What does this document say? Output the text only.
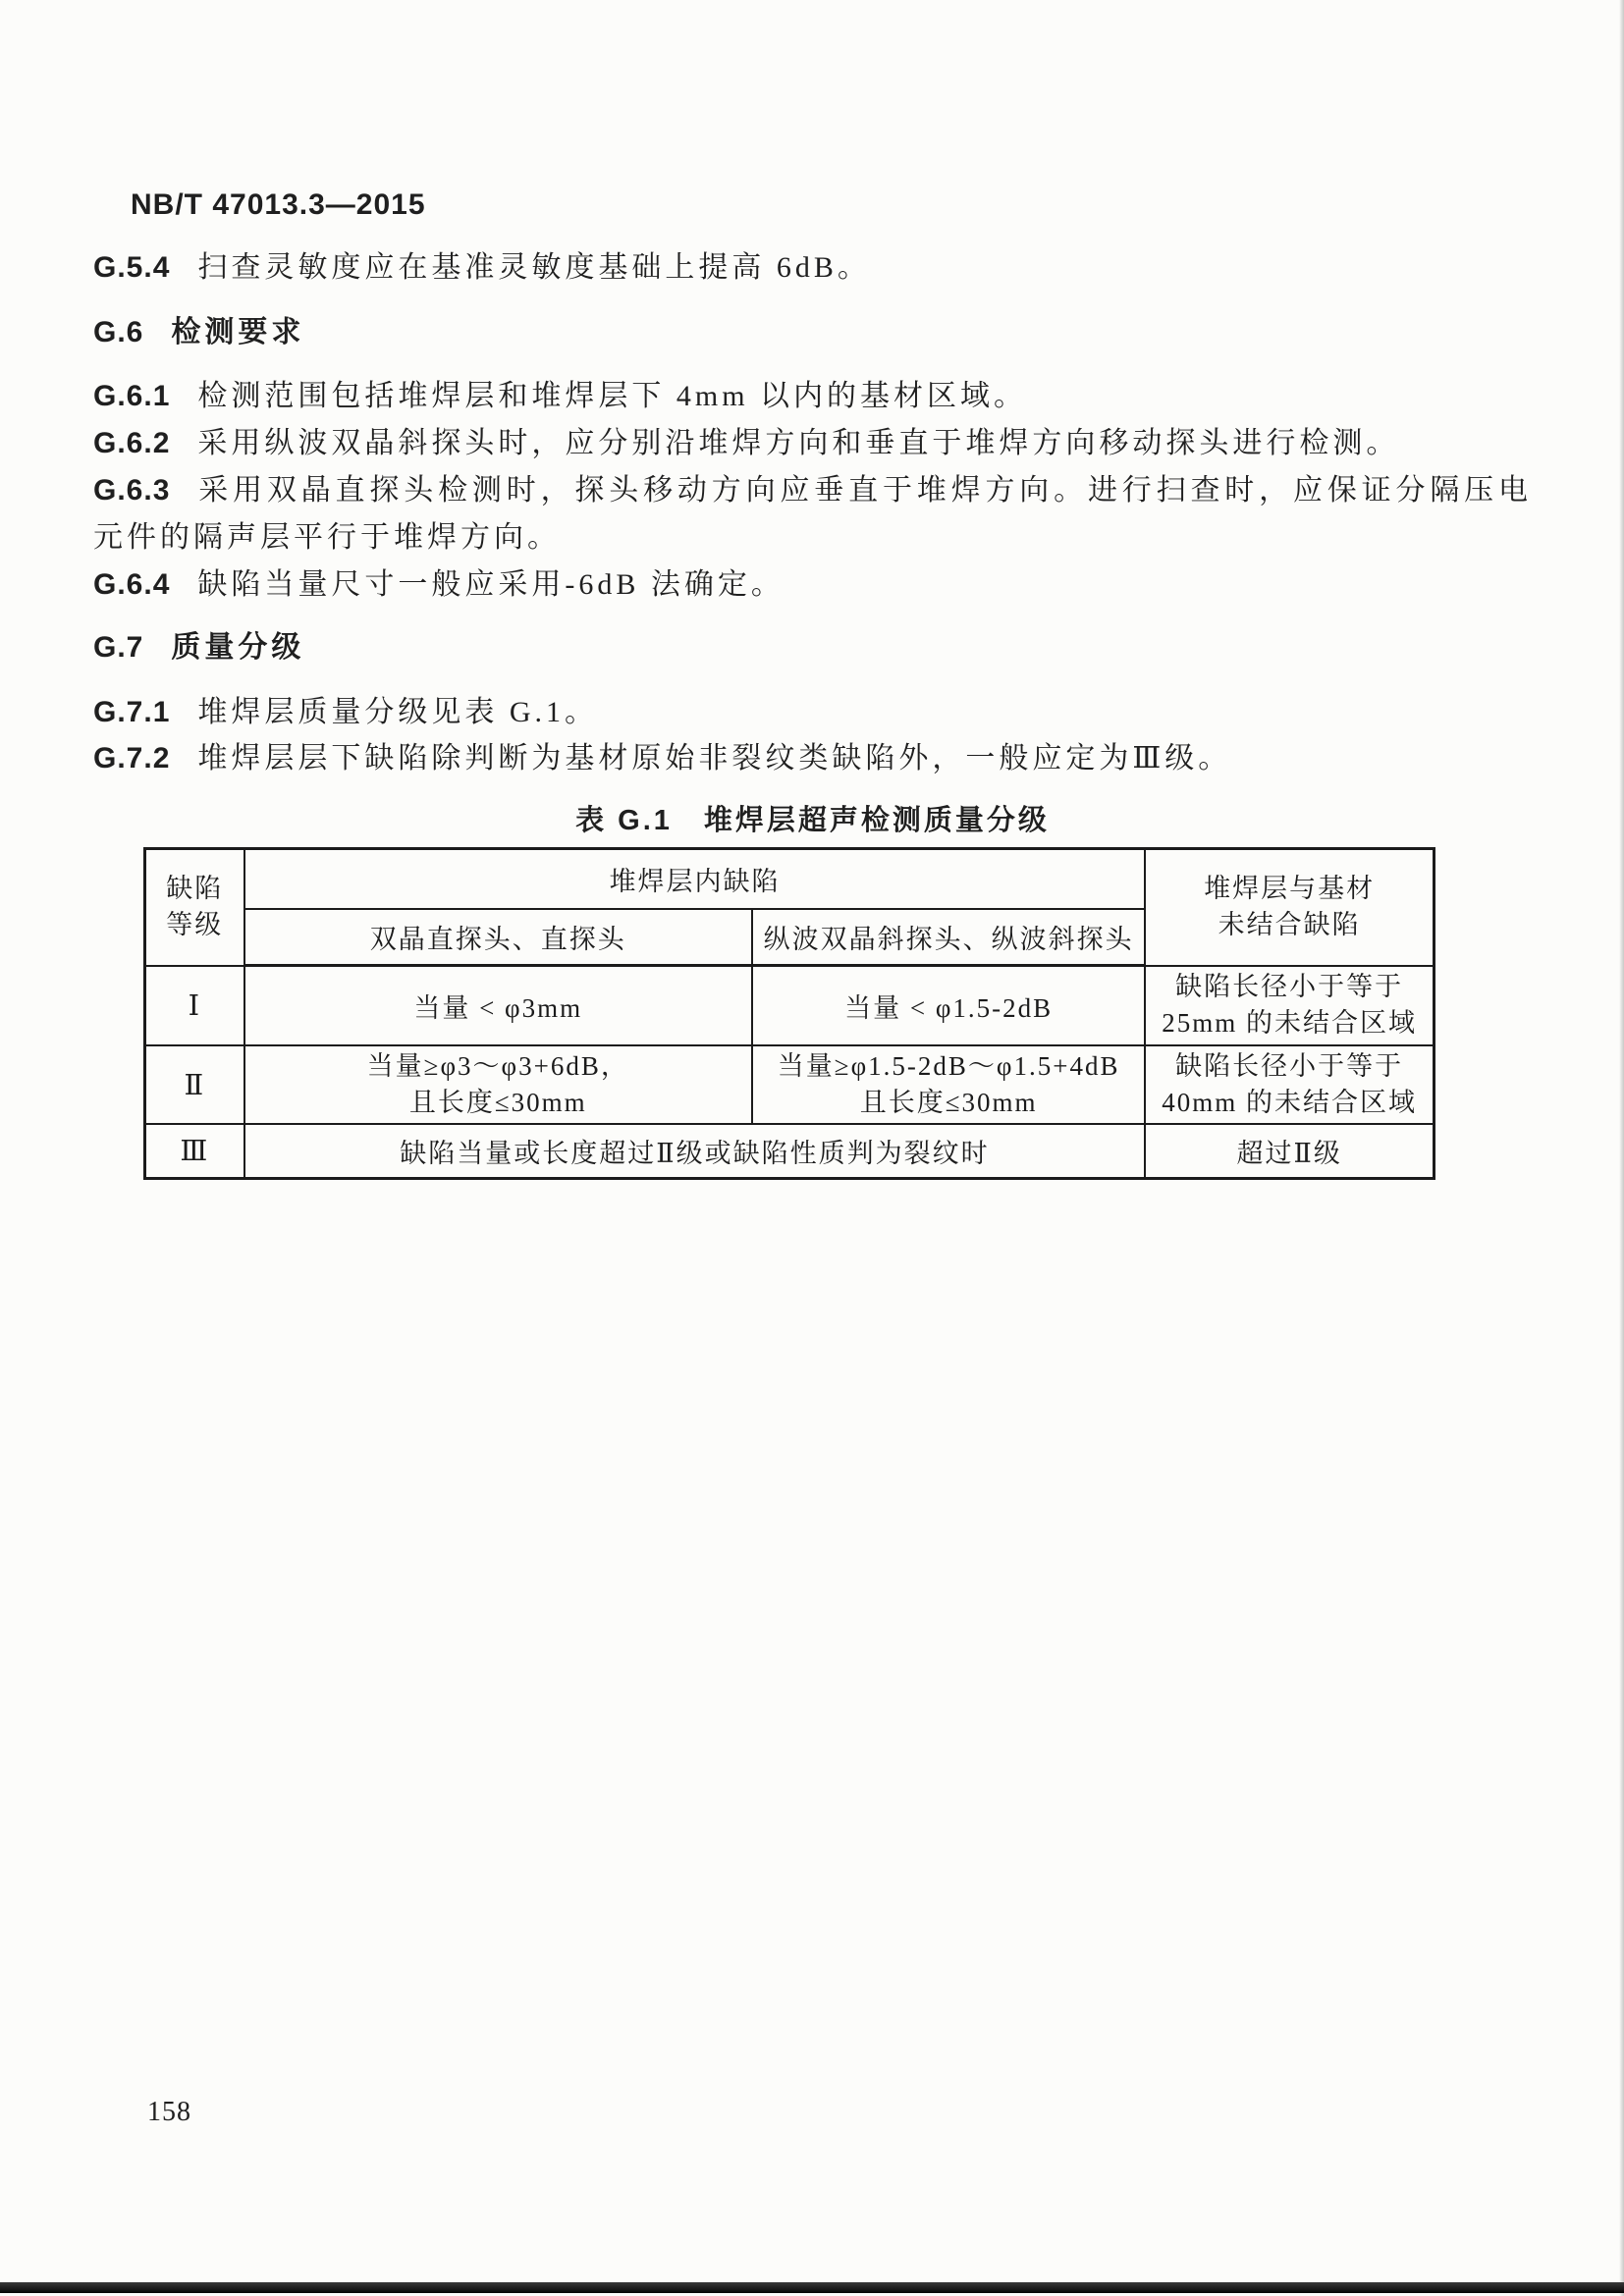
NB/T 47013.3—2015

G.5.4 扫查灵敏度应在基准灵敏度基础上提高 6dB。

G.6 检测要求

G.6.1 检测范围包括堆焊层和堆焊层下 4mm 以内的基材区域。

G.6.2 采用纵波双晶斜探头时，应分别沿堆焊方向和垂直于堆焊方向移动探头进行检测。

G.6.3 采用双晶直探头检测时，探头移动方向应垂直于堆焊方向。进行扫查时，应保证分隔压电元件的隔声层平行于堆焊方向。

G.6.4 缺陷当量尺寸一般应采用-6dB 法确定。

G.7 质量分级

G.7.1 堆焊层质量分级见表 G.1。

G.7.2 堆焊层层下缺陷除判断为基材原始非裂纹类缺陷外，一般应定为Ⅲ级。

表 G.1　堆焊层超声检测质量分级

缺陷
等级	堆焊层内缺陷		堆焊层与基材
未结合缺陷

	双晶直探头、直探头	纵波双晶斜探头、纵波斜探头	
Ⅰ	当量 < φ3mm	当量 < φ1.5-2dB	缺陷长径小于等于
25mm 的未结合区域

Ⅱ	当量≥φ3～φ3+6dB，
且长度≤30mm	当量≥φ1.5-2dB～φ1.5+4dB
且长度≤30mm	缺陷长径小于等于
40mm 的未结合区域

Ⅲ	缺陷当量或长度超过Ⅱ级或缺陷性质判为裂纹时		超过Ⅱ级
158
